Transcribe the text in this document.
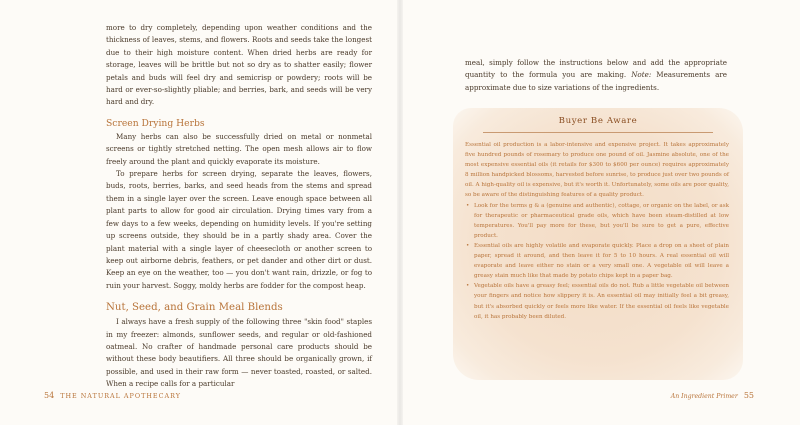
more to dry completely, depending upon weather conditions and the thickness of leaves, stems, and flowers. Roots and seeds take the longest due to their high moisture content. When dried herbs are ready for storage, leaves will be brittle but not so dry as to shatter easily; flower petals and buds will feel dry and semicrisp or powdery; roots will be hard or ever-so-slightly pliable; and berries, bark, and seeds will be very hard and dry.

Screen Drying Herbs

Many herbs can also be successfully dried on metal or nonmetal screens or tightly stretched netting. The open mesh allows air to flow freely around the plant and quickly evaporate its moisture.

To prepare herbs for screen drying, separate the leaves, flowers, buds, roots, berries, barks, and seed heads from the stems and spread them in a single layer over the screen. Leave enough space between all plant parts to allow for good air circulation. Drying times vary from a few days to a few weeks, depending on humidity levels. If you're setting up screens outside, they should be in a partly shady area. Cover the plant material with a single layer of cheesecloth or another screen to keep out airborne debris, feathers, or pet dander and other dirt or dust. Keep an eye on the weather, too — you don't want rain, drizzle, or fog to ruin your harvest. Soggy, moldy herbs are fodder for the compost heap.

Nut, Seed, and Grain Meal Blends

I always have a fresh supply of the following three "skin food" staples in my freezer: almonds, sunflower seeds, and regular or old-fashioned oatmeal. No crafter of handmade personal care products should be without these body beautifiers. All three should be organically grown, if possible, and used in their raw form — never toasted, roasted, or salted. When a recipe calls for a particular

54 THE NATURAL APOTHECARY

meal, simply follow the instructions below and add the appropriate quantity to the formula you are making. Note: Measurements are approximate due to size variations of the ingredients.

Buyer Be Aware

Essential oil production is a labor-intensive and expensive project. It takes approximately five hundred pounds of rosemary to produce one pound of oil. Jasmine absolute, one of the most expensive essential oils (it retails for $300 to $600 per ounce) requires approximately 8 million handpicked blossoms, harvested before sunrise, to produce just over two pounds of oil. A high-quality oil is expensive, but it's worth it. Unfortunately, some oils are poor quality, so be aware of the distinguishing features of a quality product.

• Look for the terms g & a (genuine and authentic), cottage, or organic on the label, or ask for therapeutic or pharmaceutical grade oils, which have been steam-distilled at low temperatures. You'll pay more for these, but you'll be sure to get a pure, effective product.
• Essential oils are highly volatile and evaporate quickly. Place a drop on a sheet of plain paper, spread it around, and then leave it for 5 to 10 hours. A real essential oil will evaporate and leave either no stain or a very small one. A vegetable oil will leave a greasy stain much like that made by potato chips kept in a paper bag.
• Vegetable oils have a greasy feel; essential oils do not. Rub a little vegetable oil between your fingers and notice how slippery it is. An essential oil may initially feel a bit greasy, but it's absorbed quickly or feels more like water. If the essential oil feels like vegetable oil, it has probably been diluted.
An Ingredient Primer 55
